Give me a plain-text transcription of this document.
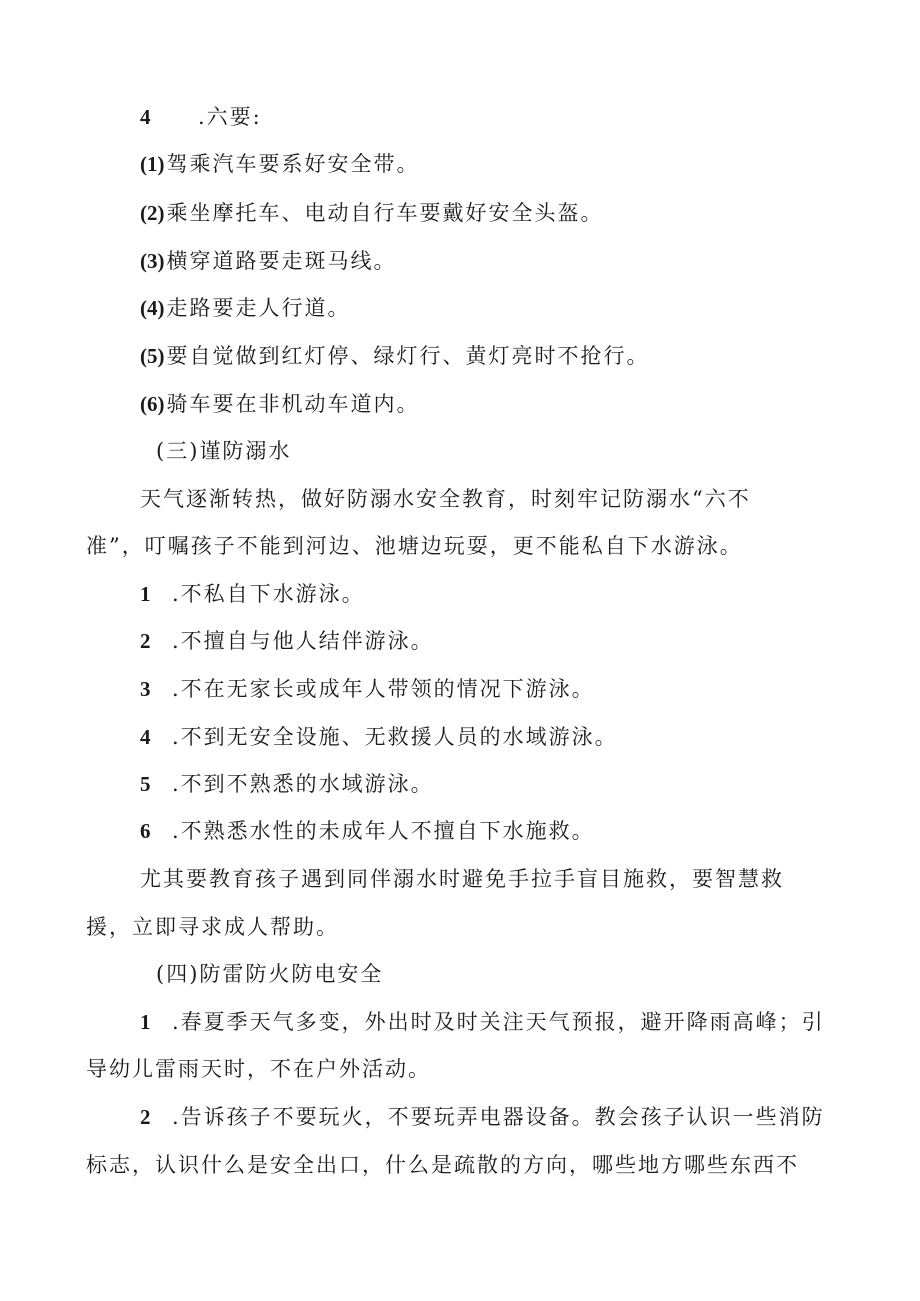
4 .六要:
(1)驾乘汽车要系好安全带。
(2)乘坐摩托车、电动自行车要戴好安全头盔。
(3)横穿道路要走斑马线。
(4)走路要走人行道。
(5)要自觉做到红灯停、绿灯行、黄灯亮时不抢行。
(6)骑车要在非机动车道内。
(三)谨防溺水
天气逐渐转热，做好防溺水安全教育，时刻牢记防溺水“六不
准”，叮嘱孩子不能到河边、池塘边玩耍，更不能私自下水游泳。
1 .不私自下水游泳。
2 .不擅自与他人结伴游泳。
3 .不在无家长或成年人带领的情况下游泳。
4 .不到无安全设施、无救援人员的水域游泳。
5 .不到不熟悉的水域游泳。
6 .不熟悉水性的未成年人不擅自下水施救。
尤其要教育孩子遇到同伴溺水时避免手拉手盲目施救，要智慧救
援，立即寻求成人帮助。
(四)防雷防火防电安全
1 .春夏季天气多变，外出时及时关注天气预报，避开降雨高峰；引
导幼儿雷雨天时，不在户外活动。
2 .告诉孩子不要玩火，不要玩弄电器设备。教会孩子认识一些消防
标志，认识什么是安全出口，什么是疏散的方向，哪些地方哪些东西不
